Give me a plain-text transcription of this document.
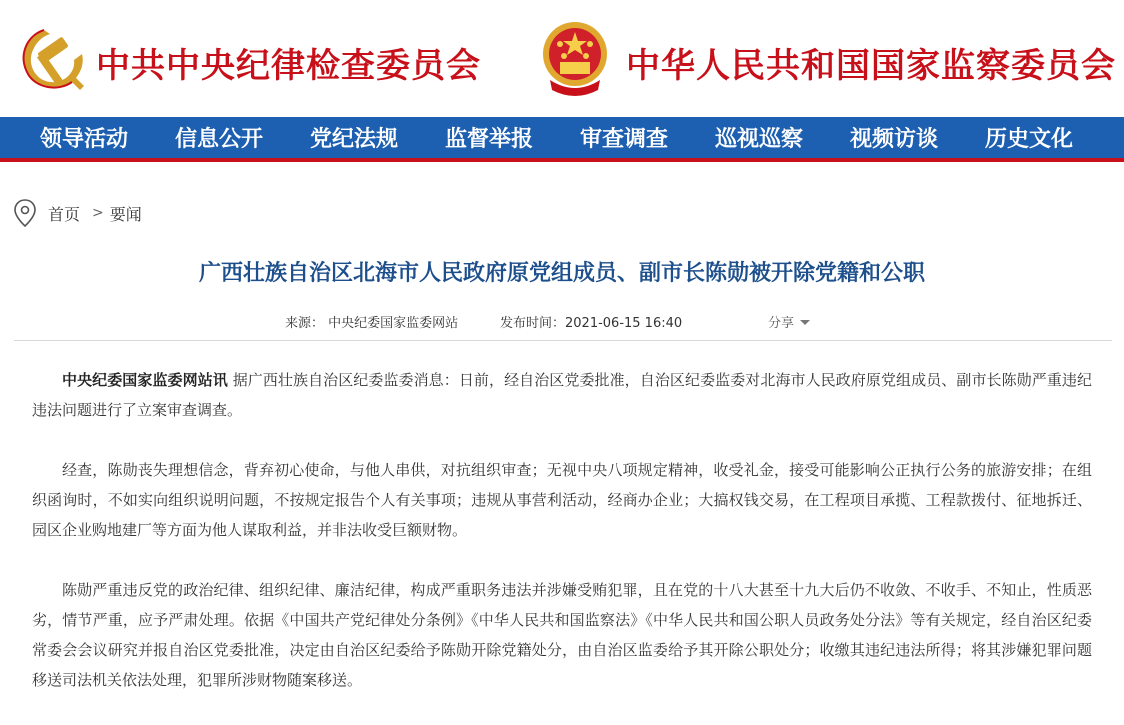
中共中央纪律检查委员会	中华人民共和国国家监察委员会
领导活动	信息公开	党纪法规	监督举报	审查调查	巡视巡察	视频访谈	历史文化
首页 > 要闻
广西壮族自治区北海市人民政府原党组成员、副市长陈勋被开除党籍和公职
来源： 中央纪委国家监委网站	发布时间：2021-06-15 16:40	分享

中央纪委国家监委网站讯 据广西壮族自治区纪委监委消息：日前，经自治区党委批准，自治区纪委监委对北海市人民政府原党组成员、副市长陈勋严重违纪违法问题进行了立案审查调查。

经查，陈勋丧失理想信念，背弃初心使命，与他人串供，对抗组织审查；无视中央八项规定精神，收受礼金，接受可能影响公正执行公务的旅游安排；在组织函询时，不如实向组织说明问题，不按规定报告个人有关事项；违规从事营利活动，经商办企业；大搞权钱交易，在工程项目承揽、工程款拨付、征地拆迁、园区企业购地建厂等方面为他人谋取利益，并非法收受巨额财物。

陈勋严重违反党的政治纪律、组织纪律、廉洁纪律，构成严重职务违法并涉嫌受贿犯罪，且在党的十八大甚至十九大后仍不收敛、不收手、不知止，性质恶劣，情节严重，应予严肃处理。依据《中国共产党纪律处分条例》《中华人民共和国监察法》《中华人民共和国公职人员政务处分法》等有关规定，经自治区纪委常委会会议研究并报自治区党委批准，决定由自治区纪委给予陈勋开除党籍处分，由自治区监委给予其开除公职处分；收缴其违纪违法所得；将其涉嫌犯罪问题移送司法机关依法处理，犯罪所涉财物随案移送。
